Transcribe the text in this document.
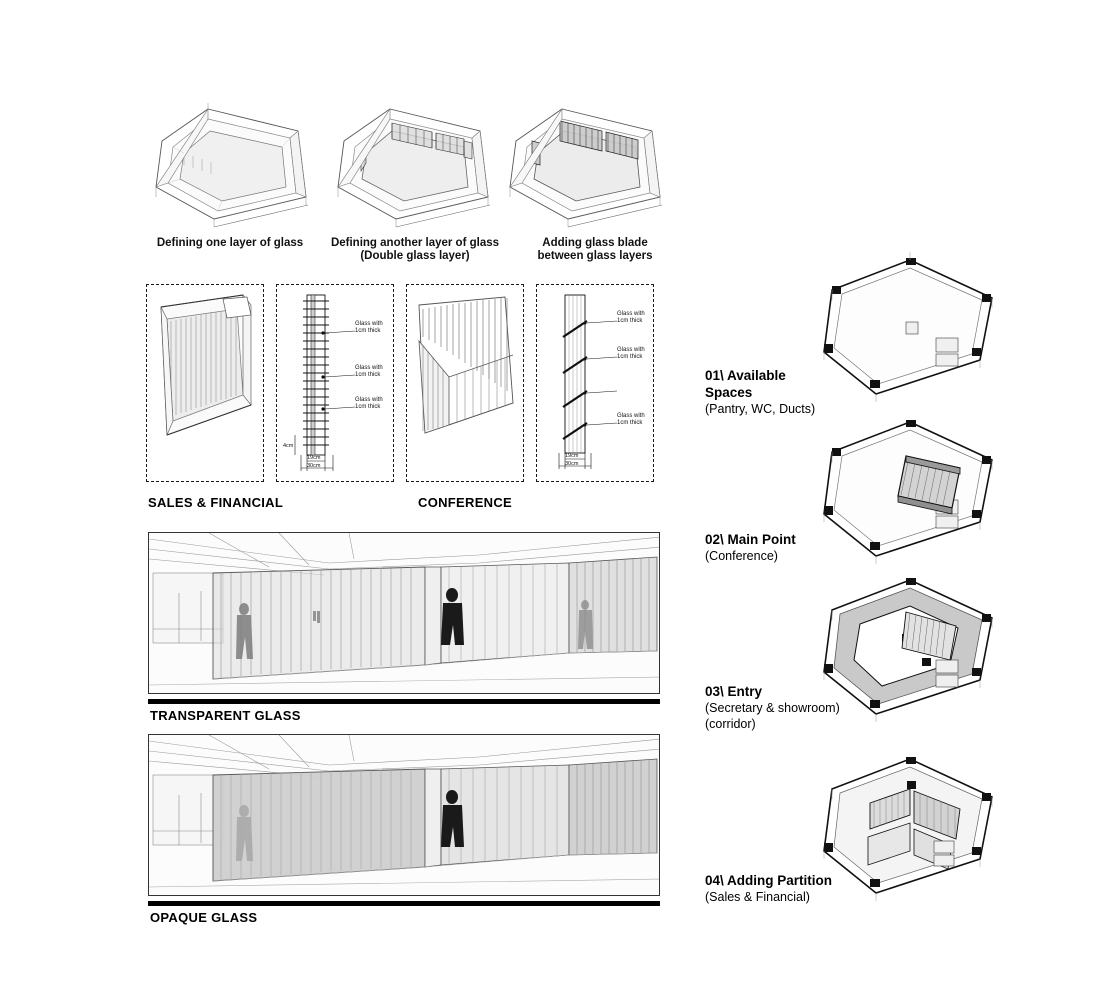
Defining one layer of glass	Defining another layer of glass
(Double glass layer)
Adding glass blade
between glass layers
Glass with
1cm thick
Glass with
1cm thick
Glass with
1cm thick
4cm
19cm
30cm
Glass with
1cm thick
Glass with
1cm thick
Glass with
1cm thick
19cm
30cm
SALES & FINANCIAL	CONFERENCE
TRANSPARENT GLASS
OPAQUE GLASS
01\ Available Spaces
(Pantry, WC, Ducts)
02\ Main Point
(Conference)
03\ Entry
(Secretary & showroom)
(corridor)
04\ Adding Partition
(Sales & Financial)
